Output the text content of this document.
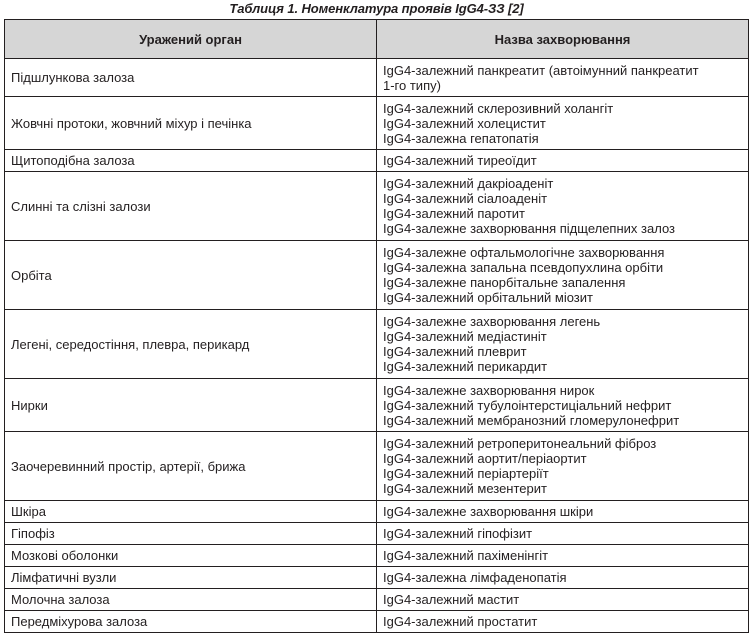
Таблиця 1. Номенклатура проявів IgG4-ЗЗ [2]
Уражений орган	Назва захворювання
Підшлункова залоза	IgG4-залежний панкреатит (автоімунний панкреатит
1-го типу)

Жовчні протоки, жовчний міхур і печінка	IgG4-залежний склерозивний холангіт
IgG4-залежний холецистит
IgG4-залежна гепатопатія

Щитоподібна залоза	IgG4-залежний тиреоїдит

Слинні та слізні залози	IgG4-залежний дакріоаденіт
IgG4-залежний сіалоаденіт
IgG4-залежний паротит
IgG4-залежне захворювання підщелепних залоз

Орбіта	IgG4-залежне офтальмологічне захворювання
IgG4-залежна запальна псевдопухлина орбіти
IgG4-залежне панорбітальне запалення
IgG4-залежний орбітальний міозит

Легені, середостіння, плевра, перикард	IgG4-залежне захворювання легень
IgG4-залежний медіастиніт
IgG4-залежний плеврит
IgG4-залежний перикардит

Нирки	IgG4-залежне захворювання нирок
IgG4-залежний тубулоінтерстиціальний нефрит
IgG4-залежний мембранозний гломерулонефрит

Заочеревинний простір, артерії, брижа	IgG4-залежний ретроперитонеальний фіброз
IgG4-залежний аортит/періаортит
IgG4-залежний періартеріїт
IgG4-залежний мезентерит

Шкіра	IgG4-залежне захворювання шкіри

Гіпофіз	IgG4-залежний гіпофізит

Мозкові оболонки	IgG4-залежний пахіменінгіт

Лімфатичні вузли	IgG4-залежна лімфаденопатія

Молочна залоза	IgG4-залежний мастит

Передміхурова залоза	IgG4-залежний простатит
